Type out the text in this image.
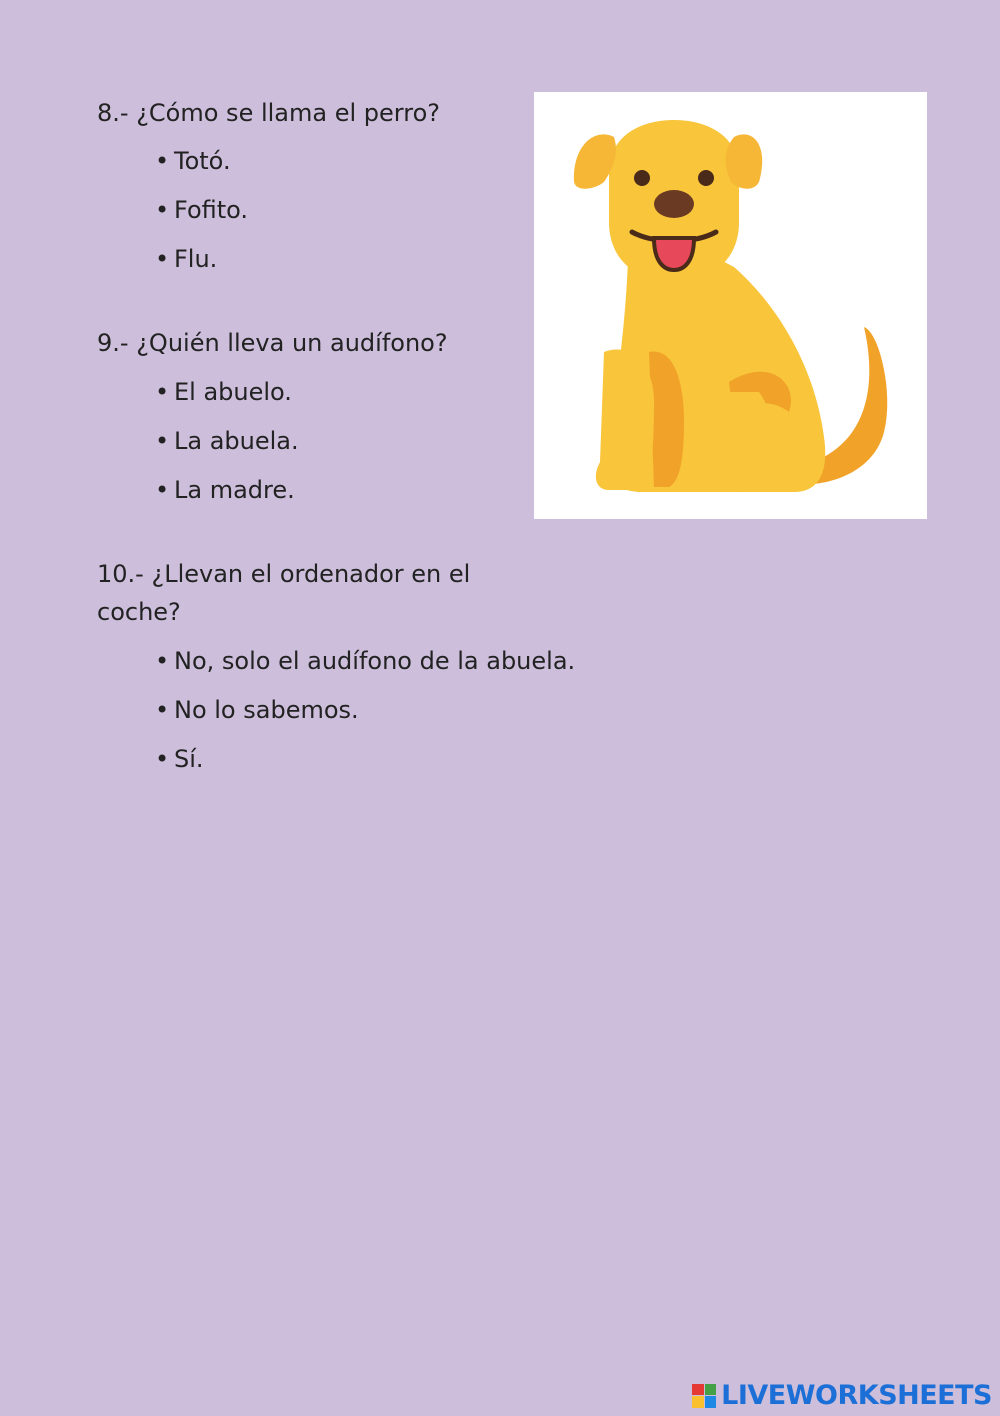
8.- ¿Cómo se llama el perro?
• Totó.
• Fofito.
• Flu.
9.- ¿Quién lleva un audífono?
• El abuelo.
• La abuela.
• La madre.
10.- ¿Llevan el ordenador en el coche?
• No, solo el audífono de la abuela.
• No lo sabemos.
• Sí.
LIVEWORKSHEETS
